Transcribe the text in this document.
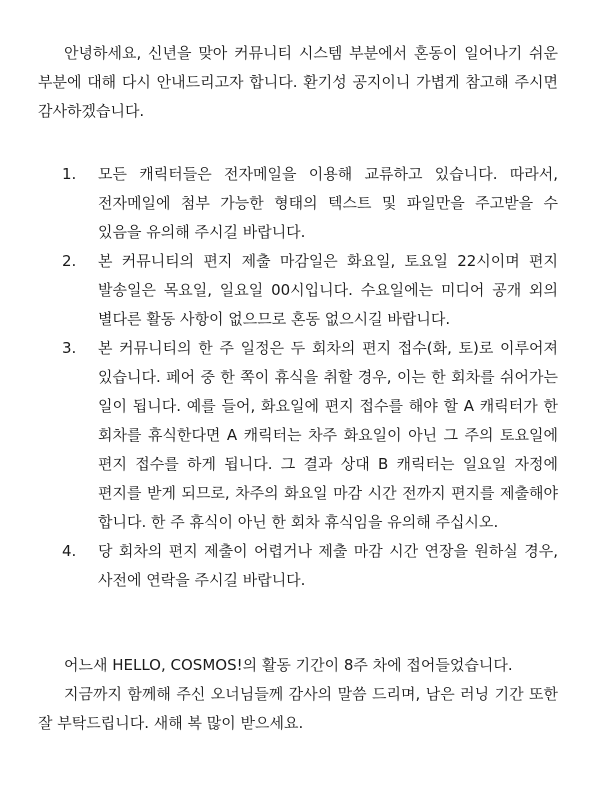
안녕하세요, 신년을 맞아 커뮤니티 시스템 부분에서 혼동이 일어나기 쉬운 부분에 대해 다시 안내드리고자 합니다. 환기성 공지이니 가볍게 참고해 주시면 감사하겠습니다.

1. 모든 캐릭터들은 전자메일을 이용해 교류하고 있습니다. 따라서, 전자메일에 첨부 가능한 형태의 텍스트 및 파일만을 주고받을 수 있음을 유의해 주시길 바랍니다.
2. 본 커뮤니티의 편지 제출 마감일은 화요일, 토요일 22시이며 편지 발송일은 목요일, 일요일 00시입니다. 수요일에는 미디어 공개 외의 별다른 활동 사항이 없으므로 혼동 없으시길 바랍니다.
3. 본 커뮤니티의 한 주 일정은 두 회차의 편지 접수(화, 토)로 이루어져 있습니다. 페어 중 한 쪽이 휴식을 취할 경우, 이는 한 회차를 쉬어가는 일이 됩니다. 예를 들어, 화요일에 편지 접수를 해야 할 A 캐릭터가 한 회차를 휴식한다면 A 캐릭터는 차주 화요일이 아닌 그 주의 토요일에 편지 접수를 하게 됩니다. 그 결과 상대 B 캐릭터는 일요일 자정에 편지를 받게 되므로, 차주의 화요일 마감 시간 전까지 편지를 제출해야 합니다. 한 주 휴식이 아닌 한 회차 휴식임을 유의해 주십시오.
4. 당 회차의 편지 제출이 어렵거나 제출 마감 시간 연장을 원하실 경우, 사전에 연락을 주시길 바랍니다.

어느새 HELLO, COSMOS!의 활동 기간이 8주 차에 접어들었습니다.

지금까지 함께해 주신 오너님들께 감사의 말씀 드리며, 남은 러닝 기간 또한 잘 부탁드립니다. 새해 복 많이 받으세요.
